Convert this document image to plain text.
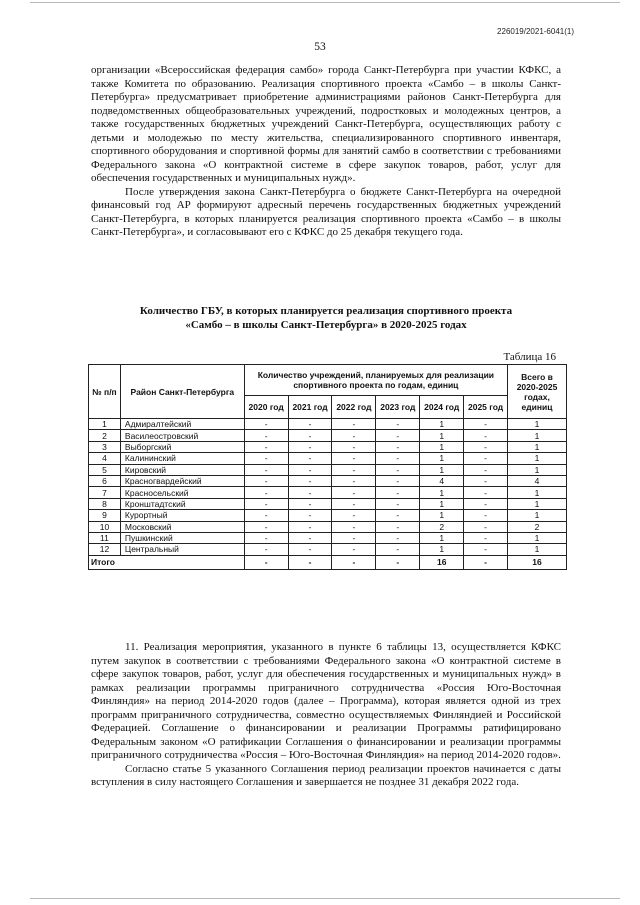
226019/2021-6041(1)
53

организации «Всероссийская федерация самбо» города Санкт-Петербурга при участии КФКС, а также Комитета по образованию. Реализация спортивного проекта «Самбо – в школы Санкт-Петербурга» предусматривает приобретение администрациями районов Санкт-Петербурга для подведомственных общеобразовательных учреждений, подростковых и молодежных центров, а также государственных бюджетных учреждений Санкт-Петербурга, осуществляющих работу с детьми и молодежью по месту жительства, специализированного спортивного инвентаря, спортивного оборудования и спортивной формы для занятий самбо в соответствии с требованиями Федерального закона «О контрактной системе в сфере закупок товаров, работ, услуг для обеспечения государственных и муниципальных нужд».

После утверждения закона Санкт-Петербурга о бюджете Санкт-Петербурга на очередной финансовый год АР формируют адресный перечень государственных бюджетных учреждений Санкт-Петербурга, в которых планируется реализация спортивного проекта «Самбо – в школы Санкт-Петербурга», и согласовывают его с КФКС до 25 декабря текущего года.

Количество ГБУ, в которых планируется реализация спортивного проекта
«Самбо – в школы Санкт-Петербурга» в 2020-2025 годах
Таблица 16
№ п/п	Район Санкт-Петербурга	Количество учреждений, планируемых для реализации спортивного проекта по годам, единиц						Всего в 2020-2025 годах, единиц
		2020 год	2021 год	2022 год	2023 год	2024 год	2025 год	
1	Адмиралтейский	-	-	-	-	1	-	1
2	Василеостровский	-	-	-	-	1	-	1
3	Выборгский	-	-	-	-	1	-	1
4	Калининский	-	-	-	-	1	-	1
5	Кировский	-	-	-	-	1	-	1
6	Красногвардейский	-	-	-	-	4	-	4
7	Красносельский	-	-	-	-	1	-	1
8	Кронштадтский	-	-	-	-	1	-	1
9	Курортный	-	-	-	-	1	-	1
10	Московский	-	-	-	-	2	-	2
11	Пушкинский	-	-	-	-	1	-	1
12	Центральный	-	-	-	-	1	-	1
Итого		-	-	-	-	16	-	16

11. Реализация мероприятия, указанного в пункте 6 таблицы 13, осуществляется КФКС путем закупок в соответствии с требованиями Федерального закона «О контрактной системе в сфере закупок товаров, работ, услуг для обеспечения государственных и муниципальных нужд» в рамках реализации программы приграничного сотрудничества «Россия Юго-Восточная Финляндия» на период 2014-2020 годов (далее – Программа), которая является одной из трех программ приграничного сотрудничества, совместно осуществляемых Финляндией и Российской Федерацией. Соглашение о финансировании и реализации Программы ратифицировано Федеральным законом «О ратификации Соглашения о финансировании и реализации программы приграничного сотрудничества «Россия – Юго-Восточная Финляндия» на период 2014-2020 годов».

Согласно статье 5 указанного Соглашения период реализации проектов начинается с даты вступления в силу настоящего Соглашения и завершается не позднее 31 декабря 2022 года.
